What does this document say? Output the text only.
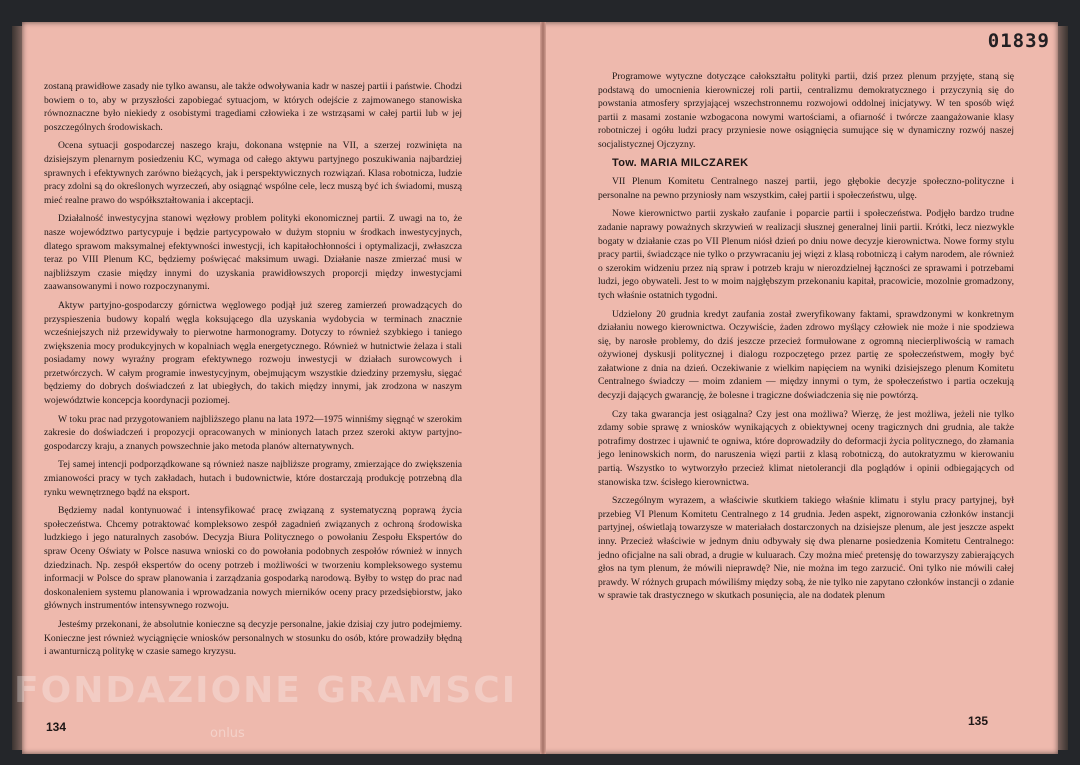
zostaną prawidłowe zasady nie tylko awansu, ale także odwoływania kadr w naszej partii i państwie. Chodzi bowiem o to, aby w przyszłości zapobiegać sytuacjom, w których odejście z zajmowanego stanowiska równoznaczne było niekiedy z osobistymi tragediami człowieka i ze wstrząsami w całej partii lub w jej poszczególnych środowiskach.

Ocena sytuacji gospodarczej naszego kraju, dokonana wstępnie na VII, a szerzej rozwinięta na dzisiejszym plenarnym posiedzeniu KC, wymaga od całego aktywu partyjnego poszukiwania najbardziej sprawnych i efektywnych zarówno bieżących, jak i perspektywicznych rozwiązań. Klasa robotnicza, ludzie pracy zdolni są do określonych wyrzeczeń, aby osiągnąć wspólne cele, lecz muszą być ich świadomi, muszą mieć realne prawo do współkształtowania i akceptacji.

Działalność inwestycyjna stanowi węzłowy problem polityki ekonomicznej partii. Z uwagi na to, że nasze województwo partycypuje i będzie partycypowało w dużym stopniu w środkach inwestycyjnych, dlatego sprawom maksymalnej efektywności inwestycji, ich kapitałochłonności i optymalizacji, zwłaszcza teraz po VIII Plenum KC, będziemy poświęcać maksimum uwagi. Działanie nasze zmierzać musi w najbliższym czasie między innymi do uzyskania prawidłowszych proporcji między inwestycjami zaawansowanymi i nowo rozpoczynanymi.

Aktyw partyjno-gospodarczy górnictwa węglowego podjął już szereg zamierzeń prowadzących do przyspieszenia budowy kopalń węgla koksującego dla uzyskania wydobycia w terminach znacznie wcześniejszych niż przewidywały to pierwotne harmonogramy. Dotyczy to również szybkiego i taniego zwiększenia mocy produkcyjnych w kopalniach węgla energetycznego. Również w hutnictwie żelaza i stali posiadamy nowy wyraźny program efektywnego rozwoju inwestycji w działach surowcowych i przetwórczych. W całym programie inwestycyjnym, obejmującym wszystkie dziedziny przemysłu, sięgać będziemy do dobrych doświadczeń z lat ubiegłych, do takich między innymi, jak zrodzona w naszym województwie koncepcja koordynacji poziomej.

W toku prac nad przygotowaniem najbliższego planu na lata 1972—1975 winniśmy sięgnąć w szerokim zakresie do doświadczeń i propozycji opracowanych w minionych latach przez szeroki aktyw partyjno-gospodarczy kraju, a znanych powszechnie jako metoda planów alternatywnych.

Tej samej intencji podporządkowane są również nasze najbliższe programy, zmierzające do zwiększenia zmianowości pracy w tych zakładach, hutach i budownictwie, które dostarczają produkcję potrzebną dla rynku wewnętrznego bądź na eksport.

Będziemy nadal kontynuować i intensyfikować pracę związaną z systematyczną poprawą życia społeczeństwa. Chcemy potraktować kompleksowo zespół zagadnień związanych z ochroną środowiska ludzkiego i jego naturalnych zasobów. Decyzja Biura Politycznego o powołaniu Zespołu Ekspertów do spraw Oceny Oświaty w Polsce nasuwa wnioski co do powołania podobnych zespołów również w innych dziedzinach. Np. zespół ekspertów do oceny potrzeb i możliwości w tworzeniu kompleksowego systemu informacji w Polsce do spraw planowania i zarządzania gospodarką narodową. Byłby to wstęp do prac nad doskonaleniem systemu planowania i wprowadzania nowych mierników oceny pracy przedsiębiorstw, jako głównych instrumentów intensywnego rozwoju.

Jesteśmy przekonani, że absolutnie konieczne są decyzje personalne, jakie dzisiaj czy jutro podejmiemy. Konieczne jest również wyciągnięcie wniosków personalnych w stosunku do osób, które prowadziły błędną i awanturniczą politykę w czasie samego kryzysu.

134
FONDAZIONE GRAMSCI
onlus
01839

Programowe wytyczne dotyczące całokształtu polityki partii, dziś przez plenum przyjęte, staną się podstawą do umocnienia kierowniczej roli partii, centralizmu demokratycznego i przyczynią się do powstania atmosfery sprzyjającej wszechstronnemu rozwojowi oddolnej inicjatywy. W ten sposób więź partii z masami zostanie wzbogacona nowymi wartościami, a ofiarność i twórcze zaangażowanie klasy robotniczej i ogółu ludzi pracy przyniesie nowe osiągnięcia sumujące się w dynamiczny rozwój naszej socjalistycznej Ojczyzny.

Tow. MARIA MILCZAREK

VII Plenum Komitetu Centralnego naszej partii, jego głębokie decyzje społeczno-polityczne i personalne na pewno przyniosły nam wszystkim, całej partii i społeczeństwu, ulgę.

Nowe kierownictwo partii zyskało zaufanie i poparcie partii i społeczeństwa. Podjęło bardzo trudne zadanie naprawy poważnych skrzywień w realizacji słusznej generalnej linii partii. Krótki, lecz niezwykle bogaty w działanie czas po VII Plenum niósł dzień po dniu nowe decyzje kierownictwa. Nowe formy stylu pracy partii, świadczące nie tylko o przywracaniu jej więzi z klasą robotniczą i całym narodem, ale również o szerokim widzeniu przez nią spraw i potrzeb kraju w nierozdzielnej łączności ze sprawami i potrzebami ludzi, jego obywateli. Jest to w moim najgłębszym przekonaniu kapitał, pracowicie, mozolnie gromadzony, tych właśnie ostatnich tygodni.

Udzielony 20 grudnia kredyt zaufania został zweryfikowany faktami, sprawdzonymi w konkretnym działaniu nowego kierownictwa. Oczywiście, żaden zdrowo myślący człowiek nie może i nie spodziewa się, by narosłe problemy, do dziś jeszcze przecież formułowane z ogromną niecierpliwością w ramach ożywionej dyskusji politycznej i dialogu rozpoczętego przez partię ze społeczeństwem, mogły być załatwione z dnia na dzień. Oczekiwanie z wielkim napięciem na wyniki dzisiejszego plenum Komitetu Centralnego świadczy — moim zdaniem — między innymi o tym, że społeczeństwo i partia oczekują decyzji dających gwarancję, że bolesne i tragiczne doświadczenia się nie powtórzą.

Czy taka gwarancja jest osiągalna? Czy jest ona możliwa? Wierzę, że jest możliwa, jeżeli nie tylko zdamy sobie sprawę z wniosków wynikających z obiektywnej oceny tragicznych dni grudnia, ale także potrafimy dostrzec i ujawnić te ogniwa, które doprowadziły do deformacji życia politycznego, do złamania jego leninowskich norm, do naruszenia więzi partii z klasą robotniczą, do autokratyzmu w kierowaniu partią. Wszystko to wytworzyło przecież klimat nietolerancji dla poglądów i opinii odbiegających od stanowiska tzw. ścisłego kierownictwa.

Szczególnym wyrazem, a właściwie skutkiem takiego właśnie klimatu i stylu pracy partyjnej, był przebieg VI Plenum Komitetu Centralnego z 14 grudnia. Jeden aspekt, zignorowania członków instancji partyjnej, oświetlają towarzysze w materiałach dostarczonych na dzisiejsze plenum, ale jest jeszcze aspekt inny. Przecież właściwie w jednym dniu odbywały się dwa plenarne posiedzenia Komitetu Centralnego: jedno oficjalne na sali obrad, a drugie w kuluarach. Czy można mieć pretensję do towarzyszy zabierających głos na tym plenum, że mówili nieprawdę? Nie, nie można im tego zarzucić. Oni tylko nie mówili całej prawdy. W różnych grupach mówiliśmy między sobą, że nie tylko nie zapytano członków instancji o zdanie w sprawie tak drastycznego w skutkach posunięcia, ale na dodatek plenum

135
